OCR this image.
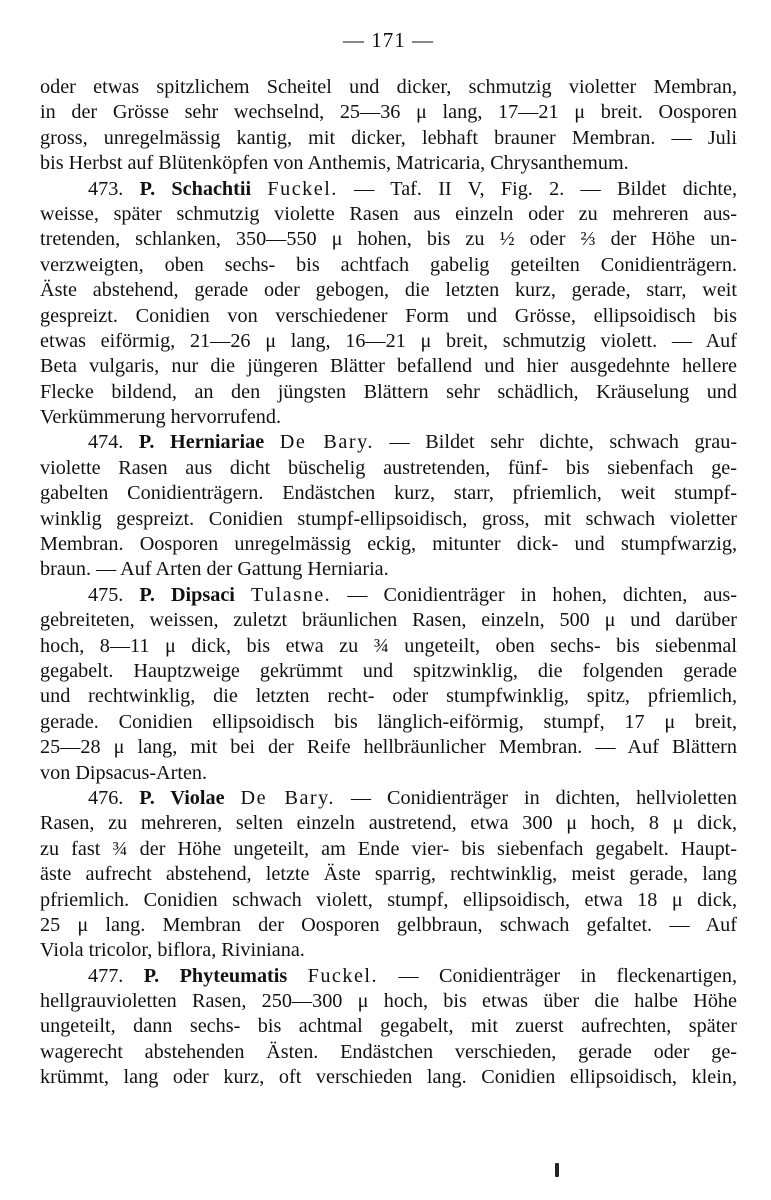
— 171 —
oder etwas spitzlichem Scheitel und dicker, schmutzig violetter Membran,
in der Grösse sehr wechselnd, 25—36 μ lang, 17—21 μ breit. Oosporen
gross, unregelmässig kantig, mit dicker, lebhaft brauner Membran. — Juli
bis Herbst auf Blütenköpfen von Anthemis, Matricaria, Chrysanthemum.
473. P. Schachtii Fuckel. — Taf. II V, Fig. 2. — Bildet dichte,
weisse, später schmutzig violette Rasen aus einzeln oder zu mehreren aus-
tretenden, schlanken, 350—550 μ hohen, bis zu ½ oder ⅔ der Höhe un-
verzweigten, oben sechs- bis achtfach gabelig geteilten Conidienträgern.
Äste abstehend, gerade oder gebogen, die letzten kurz, gerade, starr, weit
gespreizt. Conidien von verschiedener Form und Grösse, ellipsoidisch bis
etwas eiförmig, 21—26 μ lang, 16—21 μ breit, schmutzig violett. — Auf
Beta vulgaris, nur die jüngeren Blätter befallend und hier ausgedehnte hellere
Flecke bildend, an den jüngsten Blättern sehr schädlich, Kräuselung und
Verkümmerung hervorrufend.
474. P. Herniariae De Bary. — Bildet sehr dichte, schwach grau-
violette Rasen aus dicht büschelig austretenden, fünf- bis siebenfach ge-
gabelten Conidienträgern. Endästchen kurz, starr, pfriemlich, weit stumpf-
winklig gespreizt. Conidien stumpf-ellipsoidisch, gross, mit schwach violetter
Membran. Oosporen unregelmässig eckig, mitunter dick- und stumpfwarzig,
braun. — Auf Arten der Gattung Herniaria.
475. P. Dipsaci Tulasne. — Conidienträger in hohen, dichten, aus-
gebreiteten, weissen, zuletzt bräunlichen Rasen, einzeln, 500 μ und darüber
hoch, 8—11 μ dick, bis etwa zu ¾ ungeteilt, oben sechs- bis siebenmal
gegabelt. Hauptzweige gekrümmt und spitzwinklig, die folgenden gerade
und rechtwinklig, die letzten recht- oder stumpfwinklig, spitz, pfriemlich,
gerade. Conidien ellipsoidisch bis länglich-eiförmig, stumpf, 17 μ breit,
25—28 μ lang, mit bei der Reife hellbräunlicher Membran. — Auf Blättern
von Dipsacus-Arten.
476. P. Violae De Bary. — Conidienträger in dichten, hellvioletten
Rasen, zu mehreren, selten einzeln austretend, etwa 300 μ hoch, 8 μ dick,
zu fast ¾ der Höhe ungeteilt, am Ende vier- bis siebenfach gegabelt. Haupt-
äste aufrecht abstehend, letzte Äste sparrig, rechtwinklig, meist gerade, lang
pfriemlich. Conidien schwach violett, stumpf, ellipsoidisch, etwa 18 μ dick,
25 μ lang. Membran der Oosporen gelbbraun, schwach gefaltet. — Auf
Viola tricolor, biflora, Riviniana.
477. P. Phyteumatis Fuckel. — Conidienträger in fleckenartigen,
hellgrauvioletten Rasen, 250—300 μ hoch, bis etwas über die halbe Höhe
ungeteilt, dann sechs- bis achtmal gegabelt, mit zuerst aufrechten, später
wagerecht abstehenden Ästen. Endästchen verschieden, gerade oder ge-
krümmt, lang oder kurz, oft verschieden lang. Conidien ellipsoidisch, klein,
